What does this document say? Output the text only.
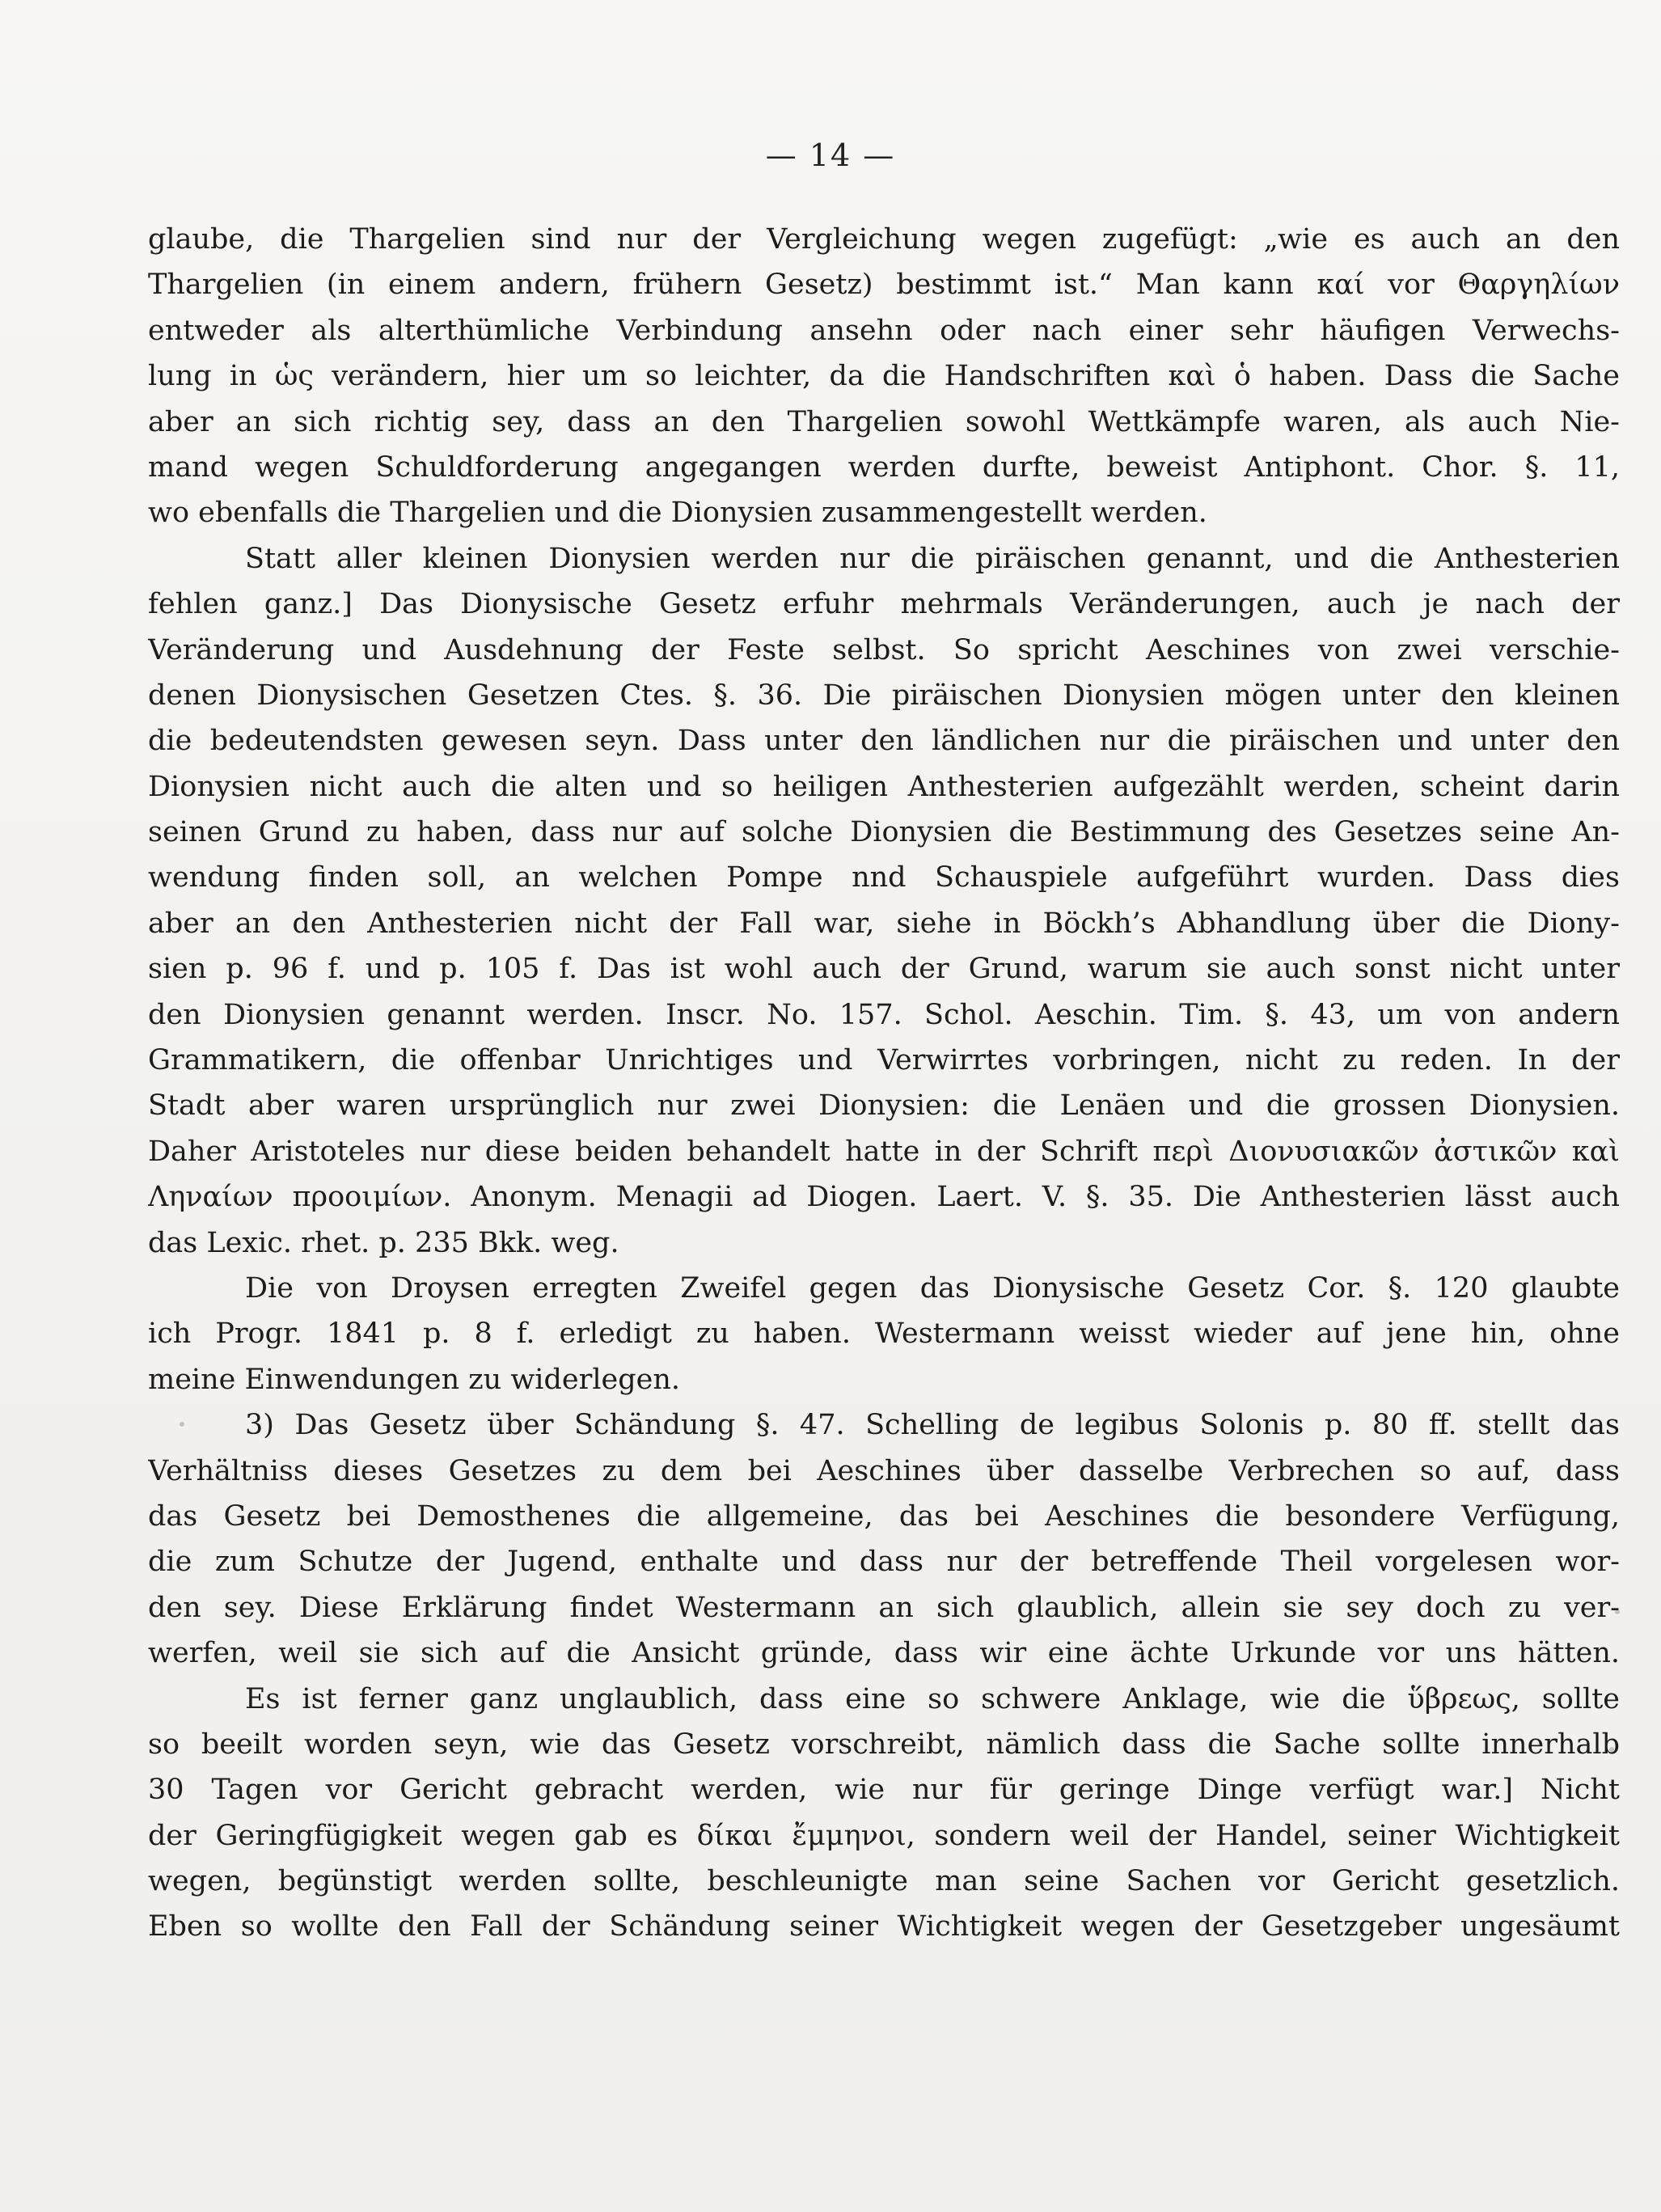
— 14 —
glaube, die Thargelien sind nur der Vergleichung wegen zugefügt: „wie es auch an den
Thargelien (in einem andern, frühern Gesetz) bestimmt ist.“ Man kann καί vor Θαργηλίων
entweder als alterthümliche Verbindung ansehn oder nach einer sehr häufigen Verwechs-
lung in ὡς verändern, hier um so leichter, da die Handschriften καὶ ὁ haben. Dass die Sache
aber an sich richtig sey, dass an den Thargelien sowohl Wettkämpfe waren, als auch Nie-
mand wegen Schuldforderung angegangen werden durfte, beweist Antiphont. Chor. §. 11,
wo ebenfalls die Thargelien und die Dionysien zusammengestellt werden.
Statt aller kleinen Dionysien werden nur die piräischen genannt, und die Anthesterien
fehlen ganz.] Das Dionysische Gesetz erfuhr mehrmals Veränderungen, auch je nach der
Veränderung und Ausdehnung der Feste selbst. So spricht Aeschines von zwei verschie-
denen Dionysischen Gesetzen Ctes. §. 36. Die piräischen Dionysien mögen unter den kleinen
die bedeutendsten gewesen seyn. Dass unter den ländlichen nur die piräischen und unter den
Dionysien nicht auch die alten und so heiligen Anthesterien aufgezählt werden, scheint darin
seinen Grund zu haben, dass nur auf solche Dionysien die Bestimmung des Gesetzes seine An-
wendung finden soll, an welchen Pompe nnd Schauspiele aufgeführt wurden. Dass dies
aber an den Anthesterien nicht der Fall war, siehe in Böckh’s Abhandlung über die Diony-
sien p. 96 f. und p. 105 f. Das ist wohl auch der Grund, warum sie auch sonst nicht unter
den Dionysien genannt werden. Inscr. No. 157. Schol. Aeschin. Tim. §. 43, um von andern
Grammatikern, die offenbar Unrichtiges und Verwirrtes vorbringen, nicht zu reden. In der
Stadt aber waren ursprünglich nur zwei Dionysien: die Lenäen und die grossen Dionysien.
Daher Aristoteles nur diese beiden behandelt hatte in der Schrift περὶ Διονυσιακῶν ἀστικῶν καὶ
Ληναίων προοιμίων. Anonym. Menagii ad Diogen. Laert. V. §. 35. Die Anthesterien lässt auch
das Lexic. rhet. p. 235 Bkk. weg.
Die von Droysen erregten Zweifel gegen das Dionysische Gesetz Cor. §. 120 glaubte
ich Progr. 1841 p. 8 f. erledigt zu haben. Westermann weisst wieder auf jene hin, ohne
meine Einwendungen zu widerlegen.
3) Das Gesetz über Schändung §. 47. Schelling de legibus Solonis p. 80 ff. stellt das
Verhältniss dieses Gesetzes zu dem bei Aeschines über dasselbe Verbrechen so auf, dass
das Gesetz bei Demosthenes die allgemeine, das bei Aeschines die besondere Verfügung,
die zum Schutze der Jugend, enthalte und dass nur der betreffende Theil vorgelesen wor-
den sey. Diese Erklärung findet Westermann an sich glaublich, allein sie sey doch zu ver-
werfen, weil sie sich auf die Ansicht gründe, dass wir eine ächte Urkunde vor uns hätten.
Es ist ferner ganz unglaublich, dass eine so schwere Anklage, wie die ὕβρεως, sollte
so beeilt worden seyn, wie das Gesetz vorschreibt, nämlich dass die Sache sollte innerhalb
30 Tagen vor Gericht gebracht werden, wie nur für geringe Dinge verfügt war.] Nicht
der Geringfügigkeit wegen gab es δίκαι ἔμμηνοι, sondern weil der Handel, seiner Wichtigkeit
wegen, begünstigt werden sollte, beschleunigte man seine Sachen vor Gericht gesetzlich.
Eben so wollte den Fall der Schändung seiner Wichtigkeit wegen der Gesetzgeber ungesäumt
